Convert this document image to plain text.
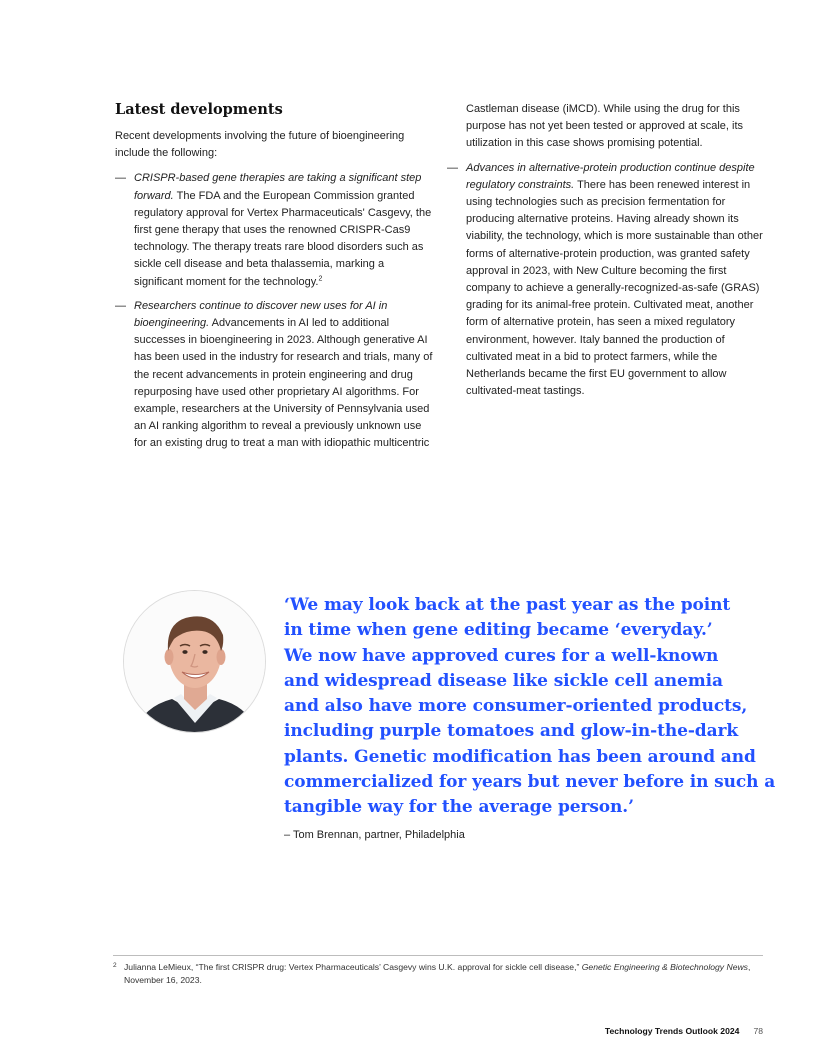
Latest developments

Recent developments involving the future of bioengineering include the following:

— CRISPR-based gene therapies are taking a significant step forward. The FDA and the European Commission granted regulatory approval for Vertex Pharmaceuticals' Casgevy, the first gene therapy that uses the renowned CRISPR-Cas9 technology. The therapy treats rare blood disorders such as sickle cell disease and beta thalassemia, marking a significant moment for the technology.$^2$

— Researchers continue to discover new uses for AI in bioengineering. Advancements in AI led to additional successes in bioengineering in 2023. Although generative AI has been used in the industry for research and trials, many of the recent advancements in protein engineering and drug repurposing have used other proprietary AI algorithms. For example, researchers at the University of Pennsylvania used an AI ranking algorithm to reveal a previously unknown use for an existing drug to treat a man with idiopathic multicentric

Castleman disease (iMCD). While using the drug for this purpose has not yet been tested or approved at scale, its utilization in this case shows promising potential.

— Advances in alternative-protein production continue despite regulatory constraints. There has been renewed interest in using technologies such as precision fermentation for producing alternative proteins. Having already shown its viability, the technology, which is more sustainable than other forms of alternative-protein production, was granted safety approval in 2023, with New Culture becoming the first company to achieve a generally-recognized-as-safe (GRAS) grading for its animal-free protein. Cultivated meat, another form of alternative protein, has seen a mixed regulatory environment, however. Italy banned the production of cultivated meat in a bid to protect farmers, while the Netherlands became the first EU government to allow cultivated-meat tastings.

‘We may look back at the past year as the point
in time when gene editing became ‘everyday.’
We now have approved cures for a well-known
and widespread disease like sickle cell anemia
and also have more consumer-oriented products,
including purple tomatoes and glow-in-the-dark
plants. Genetic modification has been around and
commercialized for years but never before in such a
tangible way for the average person.’

– Tom Brennan, partner, Philadelphia

2 Julianna LeMieux, “The first CRISPR drug: Vertex Pharmaceuticals’ Casgevy wins U.K. approval for sickle cell disease,” Genetic Engineering & Biotechnology News, November 16, 2023.

Technology Trends Outlook 2024 78
